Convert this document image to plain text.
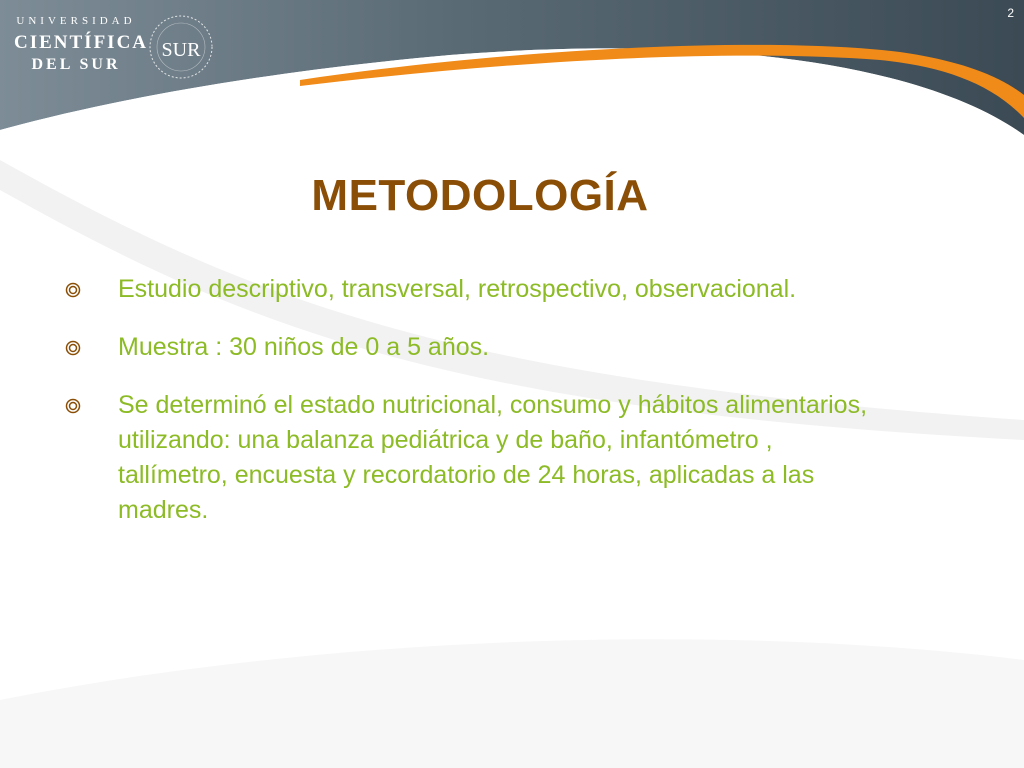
UNIVERSIDAD
CIENTÍFICA
DEL SUR
SUR
2
METODOLOGÍA
Estudio descriptivo, transversal, retrospectivo, observacional.
Muestra : 30 niños de 0 a 5 años.
Se determinó el estado nutricional, consumo y hábitos alimentarios, utilizando: una balanza pediátrica y de baño, infantómetro , tallímetro, encuesta y recordatorio de 24 horas, aplicadas a las madres.
